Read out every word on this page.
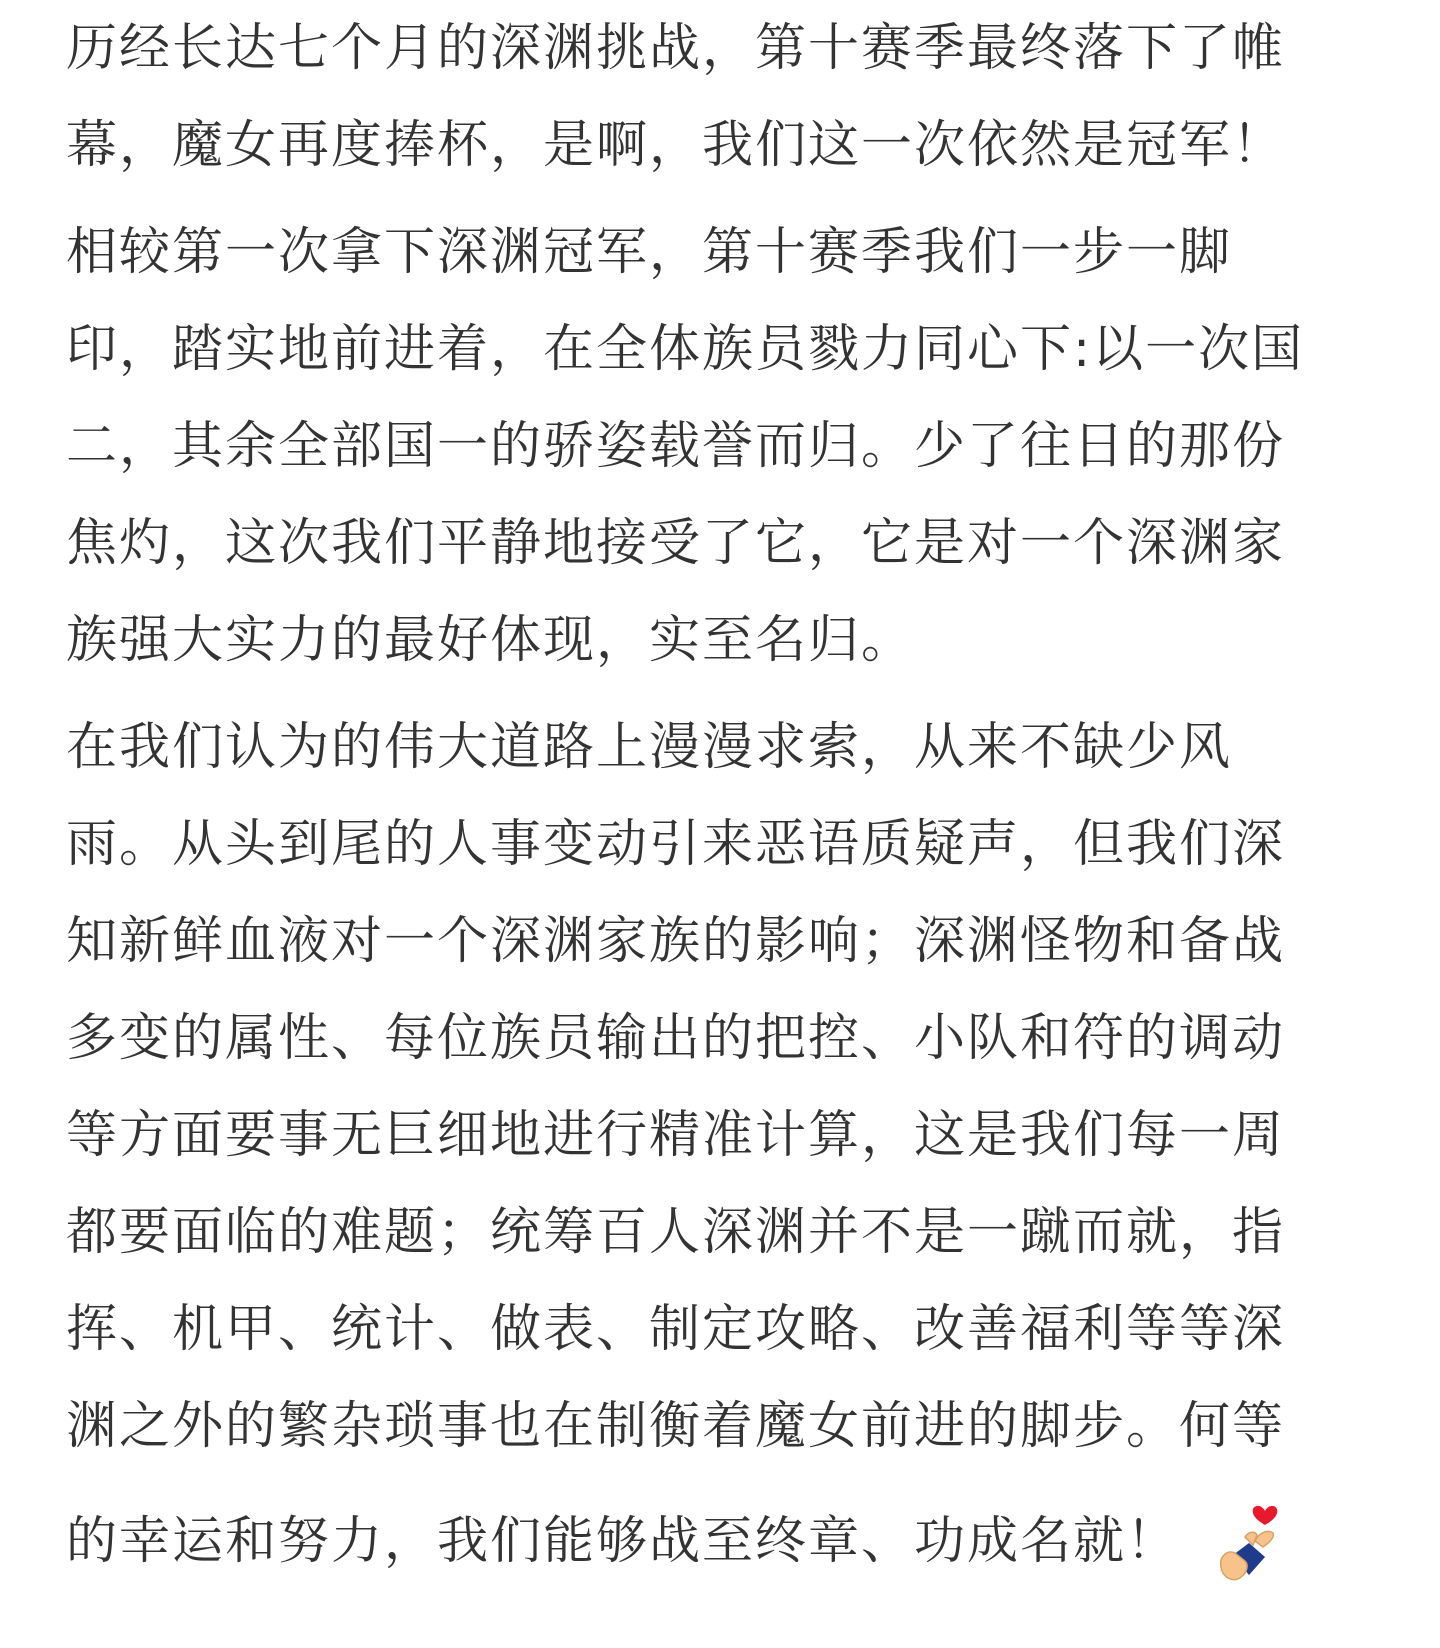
历经长达七个月的深渊挑战，第十赛季最终落下了帷
幕，魔女再度捧杯，是啊，我们这一次依然是冠军！
相较第一次拿下深渊冠军，第十赛季我们一步一脚
印，踏实地前进着，在全体族员戮力同心下:以一次国
二，其余全部国一的骄姿载誉而归。少了往日的那份
焦灼，这次我们平静地接受了它，它是对一个深渊家
族强大实力的最好体现，实至名归。
在我们认为的伟大道路上漫漫求索，从来不缺少风
雨。从头到尾的人事变动引来恶语质疑声，但我们深
知新鲜血液对一个深渊家族的影响；深渊怪物和备战
多变的属性、每位族员输出的把控、小队和符的调动
等方面要事无巨细地进行精准计算，这是我们每一周
都要面临的难题；统筹百人深渊并不是一蹴而就，指
挥、机甲、统计、做表、制定攻略、改善福利等等深
渊之外的繁杂琐事也在制衡着魔女前进的脚步。何等
的幸运和努力，我们能够战至终章、功成名就！
